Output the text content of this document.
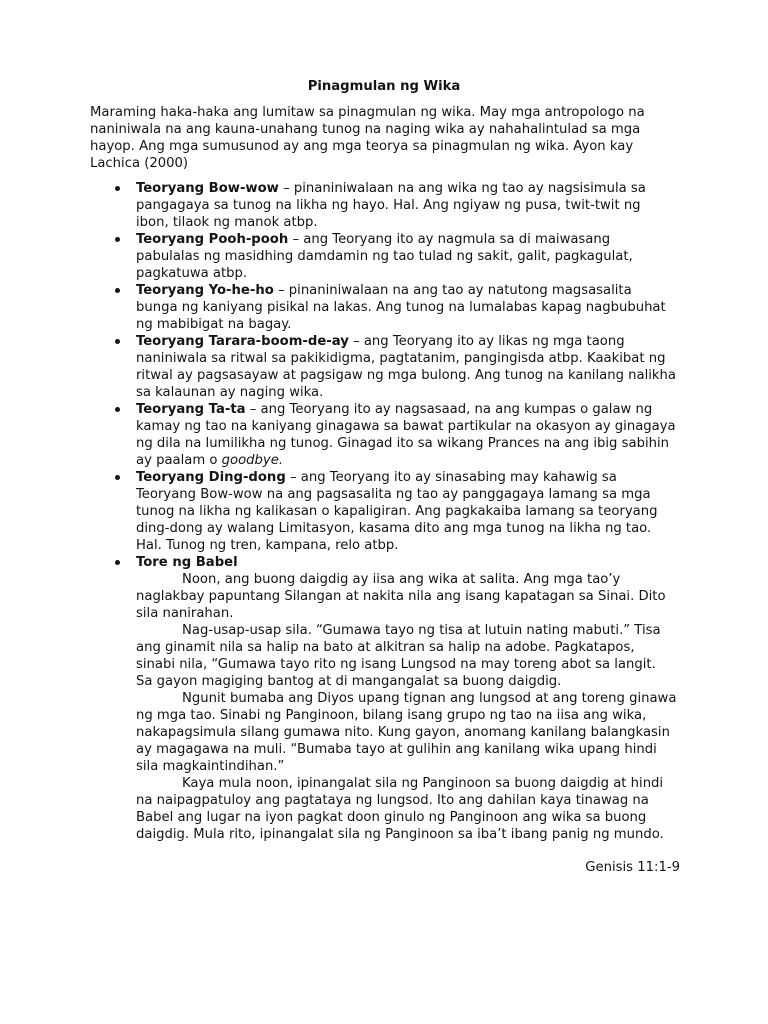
Pinagmulan ng Wika
Maraming haka-haka ang lumitaw sa pinagmulan ng wika. May mga antropologo na
naniniwala na ang kauna-unahang tunog na naging wika ay nahahalintulad sa mga
hayop. Ang mga sumusunod ay ang mga teorya sa pinagmulan ng wika. Ayon kay
Lachica (2000)
Teoryang Bow-wow – pinaniniwalaan na ang wika ng tao ay nagsisimula sa
pangagaya sa tunog na likha ng hayo. Hal. Ang ngiyaw ng pusa, twit-twit ng
ibon, tilaok ng manok atbp.
Teoryang Pooh-pooh – ang Teoryang ito ay nagmula sa di maiwasang
pabulalas ng masidhing damdamin ng tao tulad ng sakit, galit, pagkagulat,
pagkatuwa atbp.
Teoryang Yo-he-ho – pinaniniwalaan na ang tao ay natutong magsasalita
bunga ng kaniyang pisikal na lakas. Ang tunog na lumalabas kapag nagbubuhat
ng mabibigat na bagay.
Teoryang Tarara-boom-de-ay – ang Teoryang ito ay likas ng mga taong
naniniwala sa ritwal sa pakikidigma, pagtatanim, pangingisda atbp. Kaakibat ng
ritwal ay pagsasayaw at pagsigaw ng mga bulong. Ang tunog na kanilang nalikha
sa kalaunan ay naging wika.
Teoryang Ta-ta – ang Teoryang ito ay nagsasaad, na ang kumpas o galaw ng
kamay ng tao na kaniyang ginagawa sa bawat partikular na okasyon ay ginagaya
ng dila na lumilikha ng tunog. Ginagad ito sa wikang Prances na ang ibig sabihin
ay paalam o goodbye.
Teoryang Ding-dong – ang Teoryang ito ay sinasabing may kahawig sa
Teoryang Bow-wow na ang pagsasalita ng tao ay panggagaya lamang sa mga
tunog na likha ng kalikasan o kapaligiran. Ang pagkakaiba lamang sa teoryang
ding-dong ay walang Limitasyon, kasama dito ang mga tunog na likha ng tao.
Hal. Tunog ng tren, kampana, relo atbp.
Tore ng Babel
Noon, ang buong daigdig ay iisa ang wika at salita. Ang mga tao’y
naglakbay papuntang Silangan at nakita nila ang isang kapatagan sa Sinai. Dito
sila nanirahan.
Nag-usap-usap sila. “Gumawa tayo ng tisa at lutuin nating mabuti.” Tisa
ang ginamit nila sa halip na bato at alkitran sa halip na adobe. Pagkatapos,
sinabi nila, “Gumawa tayo rito ng isang Lungsod na may toreng abot sa langit.
Sa gayon magiging bantog at di mangangalat sa buong daigdig.
Ngunit bumaba ang Diyos upang tignan ang lungsod at ang toreng ginawa
ng mga tao. Sinabi ng Panginoon, bilang isang grupo ng tao na iisa ang wika,
nakapagsimula silang gumawa nito. Kung gayon, anomang kanilang balangkasin
ay magagawa na muli. “Bumaba tayo at gulihin ang kanilang wika upang hindi
sila magkaintindihan.”
Kaya mula noon, ipinangalat sila ng Panginoon sa buong daigdig at hindi
na naipagpatuloy ang pagtataya ng lungsod. Ito ang dahilan kaya tinawag na
Babel ang lugar na iyon pagkat doon ginulo ng Panginoon ang wika sa buong
daigdig. Mula rito, ipinangalat sila ng Panginoon sa iba’t ibang panig ng mundo.
Genisis 11:1-9
